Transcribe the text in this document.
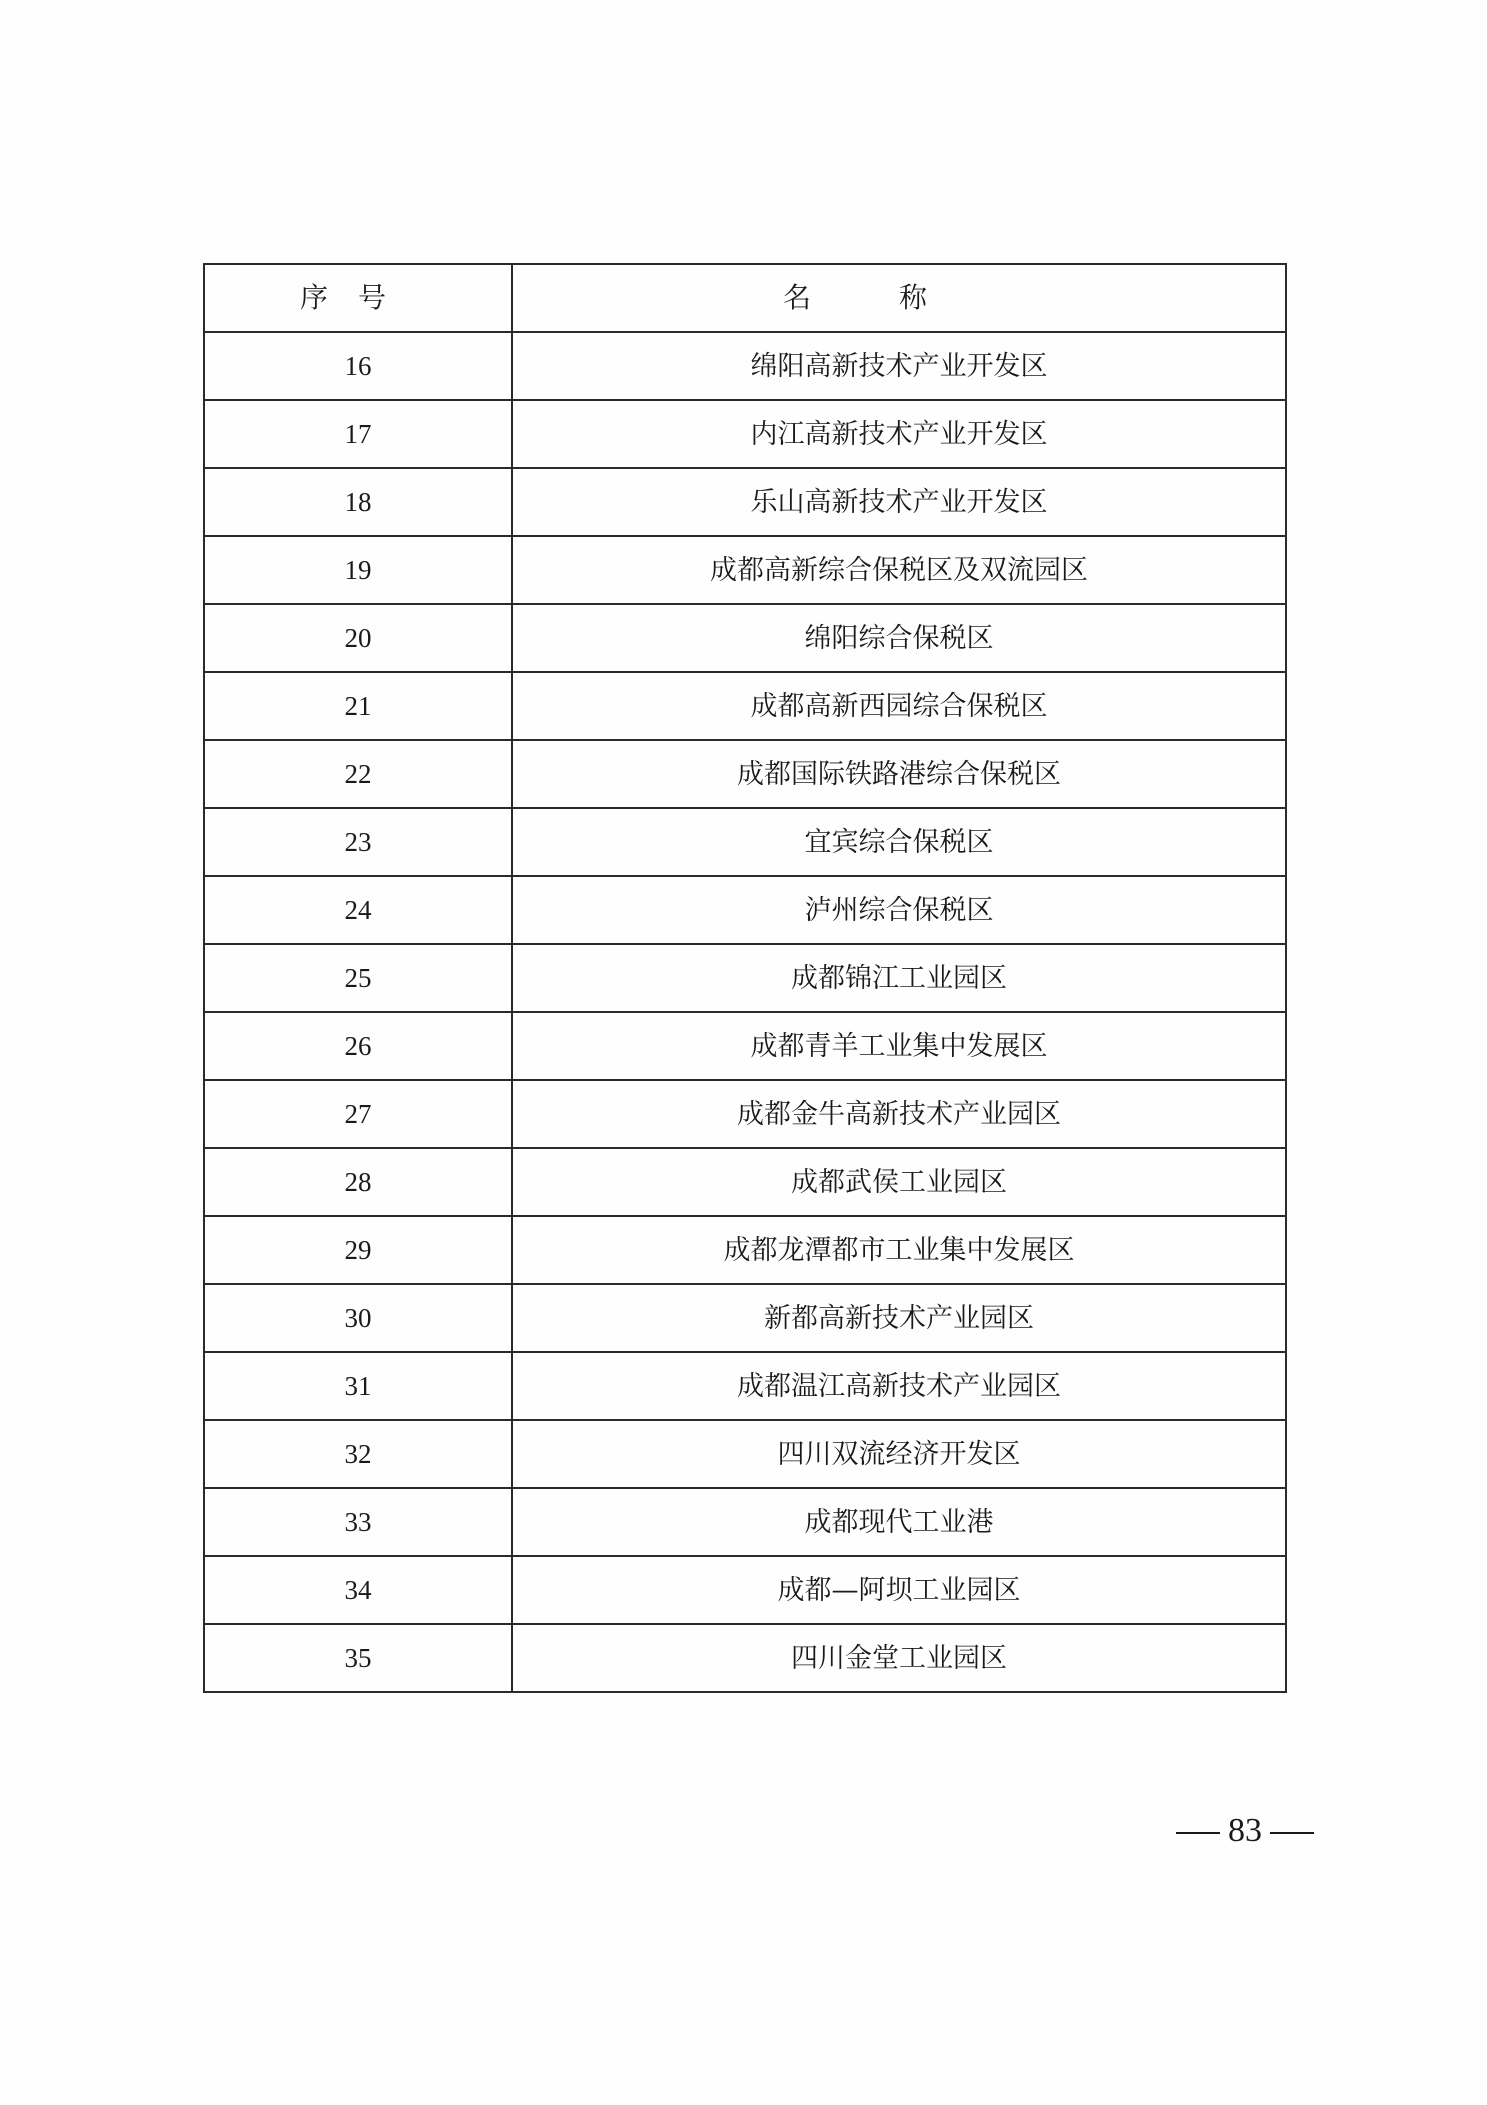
序号	名称
16	绵阳高新技术产业开发区
17	内江高新技术产业开发区
18	乐山高新技术产业开发区
19	成都高新综合保税区及双流园区
20	绵阳综合保税区
21	成都高新西园综合保税区
22	成都国际铁路港综合保税区
23	宜宾综合保税区
24	泸州综合保税区
25	成都锦江工业园区
26	成都青羊工业集中发展区
27	成都金牛高新技术产业园区
28	成都武侯工业园区
29	成都龙潭都市工业集中发展区
30	新都高新技术产业园区
31	成都温江高新技术产业园区
32	四川双流经济开发区
33	成都现代工业港
34	成都—阿坝工业园区
35	四川金堂工业园区
83
